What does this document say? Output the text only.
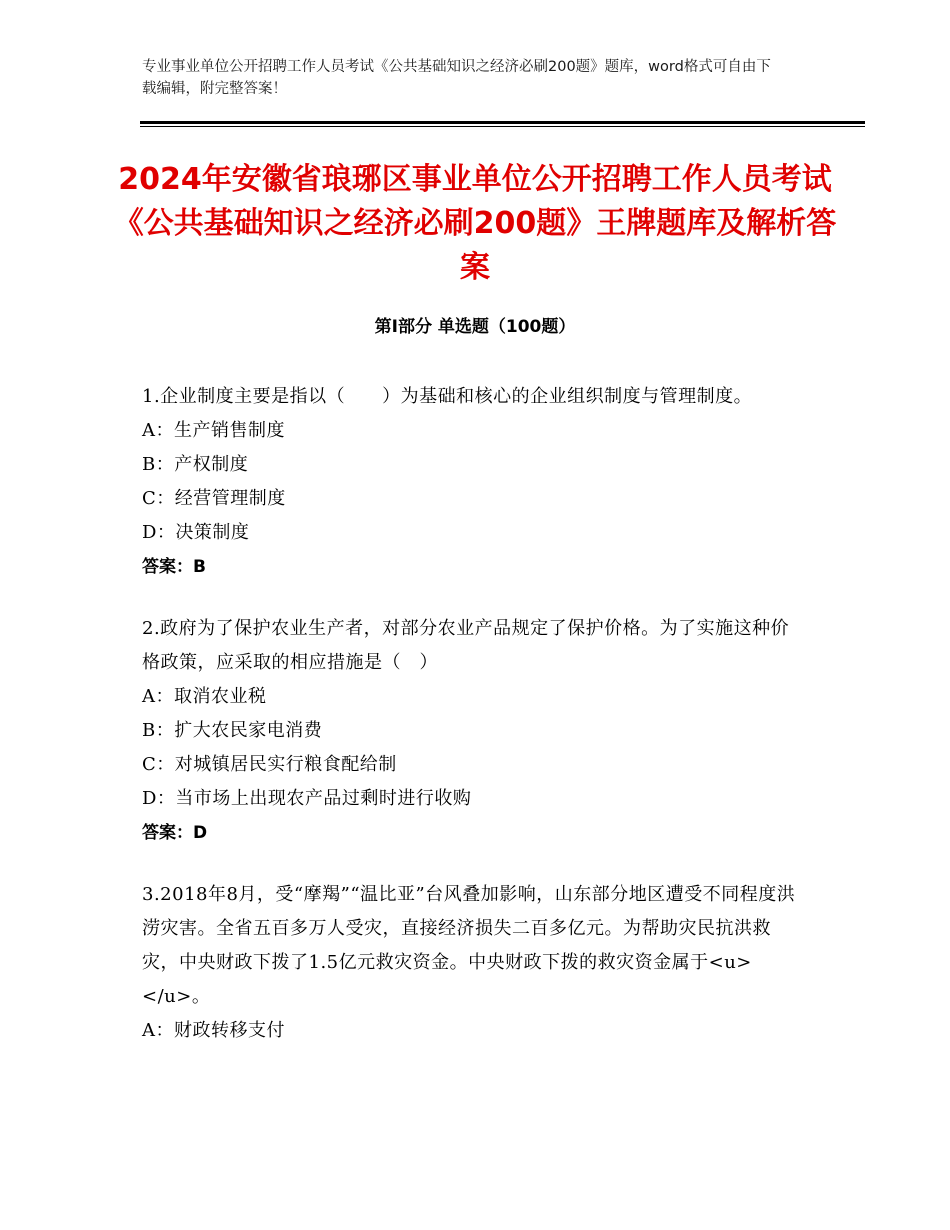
专业事业单位公开招聘工作人员考试《公共基础知识之经济必刷200题》题库，word格式可自由下载编辑，附完整答案！
2024年安徽省琅琊区事业单位公开招聘工作人员考试《公共基础知识之经济必刷200题》王牌题库及解析答案
第Ⅰ部分 单选题（100题）
1.企业制度主要是指以（　　）为基础和核心的企业组织制度与管理制度。
A：生产销售制度
B：产权制度
C：经营管理制度
D：决策制度
答案：B
2.政府为了保护农业生产者，对部分农业产品规定了保护价格。为了实施这种价格政策，应采取的相应措施是（　）
A：取消农业税
B：扩大农民家电消费
C：对城镇居民实行粮食配给制
D：当市场上出现农产品过剩时进行收购
答案：D
3.2018年8月，受“摩羯”“温比亚”台风叠加影响，山东部分地区遭受不同程度洪涝灾害。全省五百多万人受灾，直接经济损失二百多亿元。为帮助灾民抗洪救灾，中央财政下拨了1.5亿元救灾资金。中央财政下拨的救灾资金属于<u>　　　</u>。
A：财政转移支付
